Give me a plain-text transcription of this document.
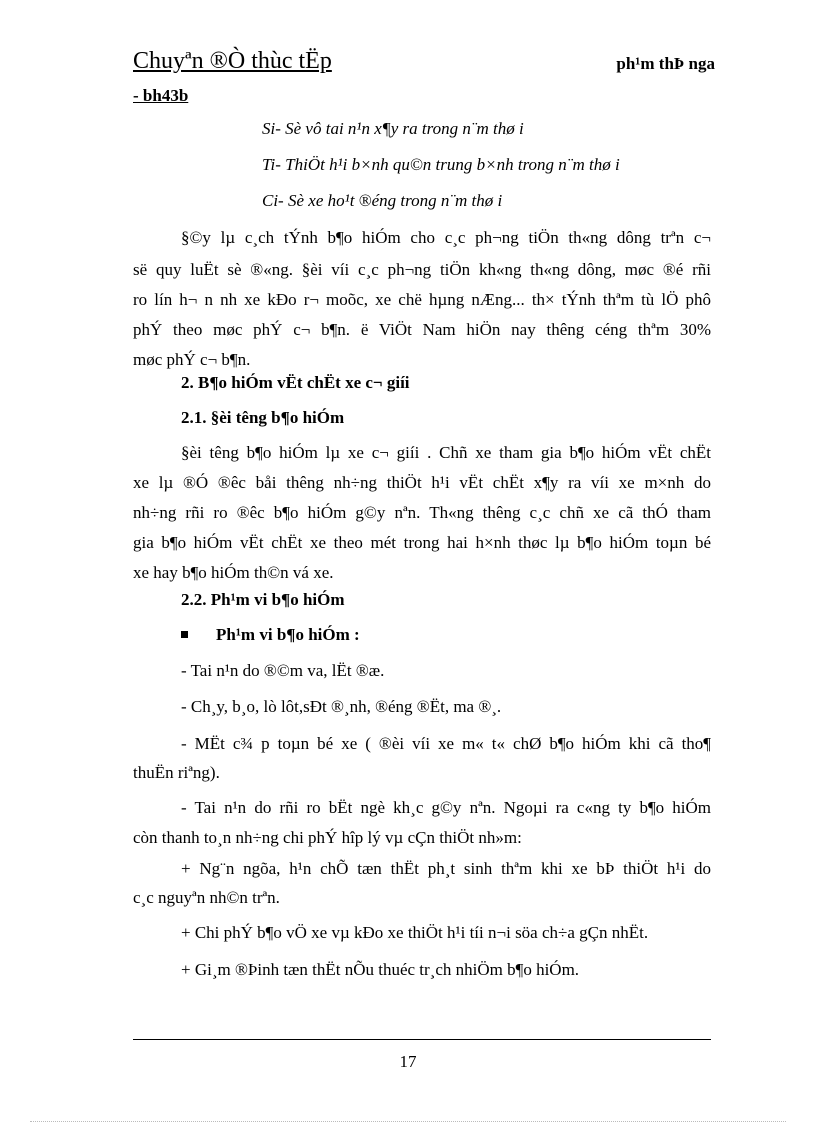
Chuyªn ®Ò thùc tËp	ph¹m thÞ nga
- bh43b
Si- Sè vô tai n¹n x¶y ra trong n¨m thø i
Ti- ThiÖt h¹i b×nh qu©n trung b×nh trong n¨m thø i
Ci- Sè xe ho¹t ®éng trong n¨m thø i
§©y lµ c¸ch tÝnh b¶o hiÓm cho c¸c ph¬ng tiÖn th«ng dông trªn c¬
së quy luËt sè ®«ng. §èi víi c¸c ph¬ng tiÖn kh«ng th«ng dông, møc ®é rñi
ro lín h¬ n nh xe kÐo r¬ moõc, xe chë hµng nÆng... th× tÝnh thªm tù lÖ phô
phÝ theo møc phÝ c¬ b¶n. ë ViÖt Nam hiÖn nay thêng céng thªm 30%
møc phÝ c¬ b¶n.
2. B¶o hiÓm vËt chËt xe c¬ giíi
2.1. §èi têng b¶o hiÓm
§èi têng b¶o hiÓm lµ xe c¬ giíi . Chñ xe tham gia b¶o hiÓm vËt chËt
xe lµ ®Ó ®êc båi thêng nh÷ng thiÖt h¹i vËt chËt x¶y ra víi xe m×nh do
nh÷ng rñi ro ®êc b¶o hiÓm g©y nªn. Th«ng thêng c¸c chñ xe cã thÓ tham
gia b¶o hiÓm vËt chËt xe theo mét trong hai h×nh thøc lµ b¶o hiÓm toµn bé
xe hay b¶o hiÓm th©n vá xe.
2.2. Ph¹m vi b¶o hiÓm
Ph¹m vi b¶o hiÓm :
- Tai n¹n do ®©m va, lËt ®æ.
- Ch¸y, b¸o, lò lôt,sÐt ®¸nh, ®éng ®Ët, ma ®¸.
- MËt c¾ p toµn bé xe ( ®èi víi xe m« t« chØ b¶o hiÓm khi cã tho¶
thuËn riªng).
- Tai n¹n do rñi ro bËt ngè kh¸c g©y nªn. Ngoµi ra c«ng ty b¶o hiÓm
còn thanh to¸n nh÷ng chi phÝ hîp lý vµ cÇn thiÖt nh»m:
+ Ng¨n ngõa, h¹n chÕ tæn thËt ph¸t sinh thªm khi xe bÞ thiÖt h¹i do
c¸c nguyªn nh©n trªn.
+ Chi phÝ b¶o vÖ xe vµ kÐo xe thiÖt h¹i tíi n¬i söa ch÷a gÇn nhËt.
+ Gi¸m ®Þinh tæn thËt nÕu thuéc tr¸ch nhiÖm b¶o hiÓm.
17
